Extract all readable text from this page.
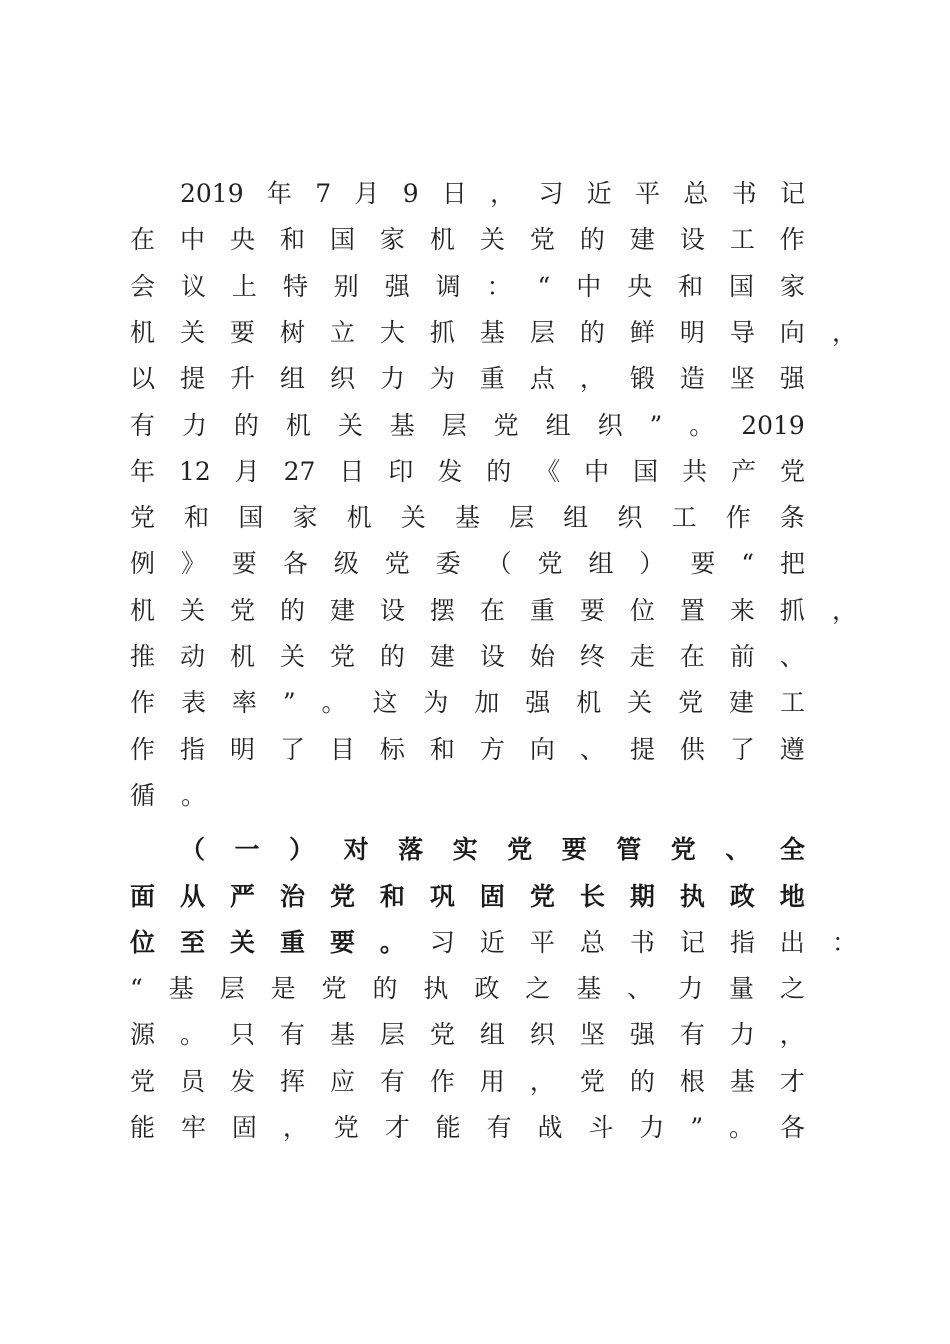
2019 年 7 月 9 日 ， 习 近 平 总 书 记
在 中 央 和 国 家 机 关 党 的 建 设 工 作
会 议 上 特 别 强 调 ： “ 中 央 和 国 家
机 关 要 树 立 大 抓 基 层 的 鲜 明 导 向 ，
以 提 升 组 织 力 为 重 点 ， 锻 造 坚 强
有 力 的 机 关 基 层 党 组 织 ” 。 2019
年 12 月 27 日 印 发 的 《 中 国 共 产 党
党 和 国 家 机 关 基 层 组 织 工 作 条
例 》 要 各 级 党 委 （ 党 组 ） 要 “ 把
机 关 党 的 建 设 摆 在 重 要 位 置 来 抓 ，
推 动 机 关 党 的 建 设 始 终 走 在 前 、
作 表 率 ” 。 这 为 加 强 机 关 党 建 工
作 指 明 了 目 标 和 方 向 、 提 供 了 遵
循 。
（ 一 ） 对 落 实 党 要 管 党 、 全
面 从 严 治 党 和 巩 固 党 长 期 执 政 地
位 至 关 重 要 。 习 近 平 总 书 记 指 出 ：
“ 基 层 是 党 的 执 政 之 基 、 力 量 之
源 。 只 有 基 层 党 组 织 坚 强 有 力 ，
党 员 发 挥 应 有 作 用 ， 党 的 根 基 才
能 牢 固 ， 党 才 能 有 战 斗 力 ” 。 各
